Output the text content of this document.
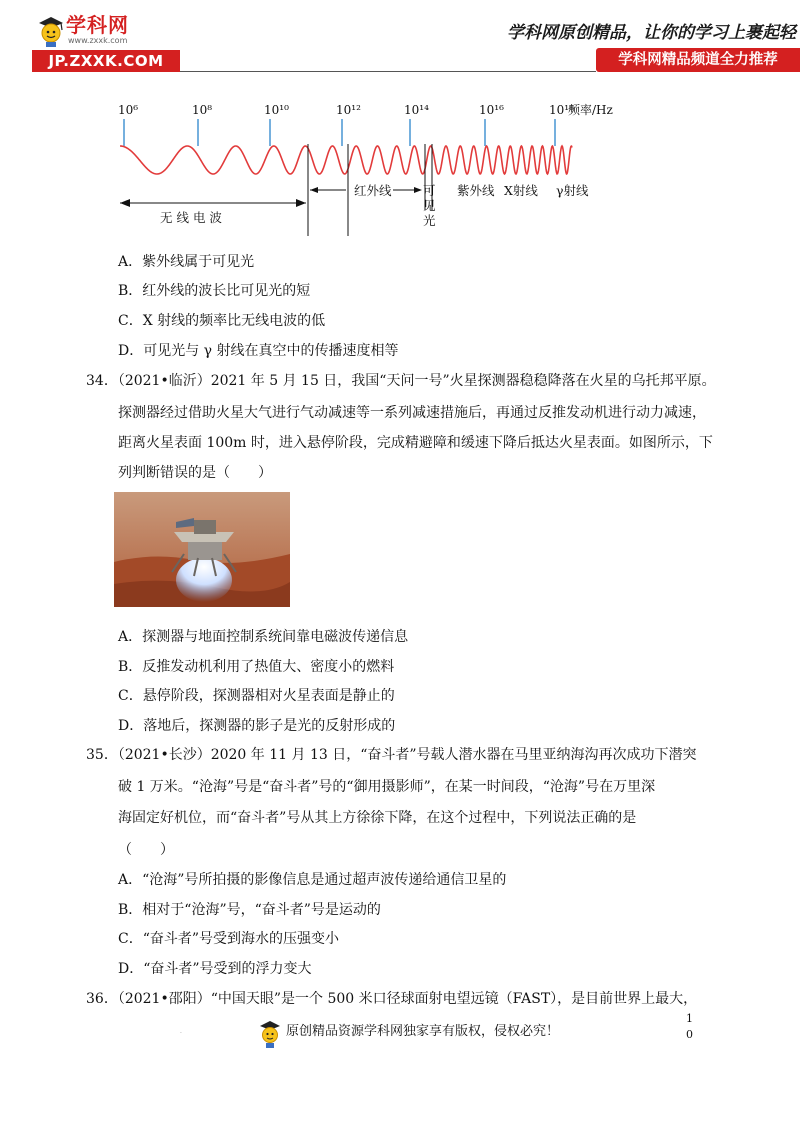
学科网
www.zxxk.com
JP.ZXXK.COM
学科网原创精品，让你的学习上裹起轻
学科网精品频道全力推荐
10⁶	10⁸	10¹⁰	10¹²	10¹⁴	10¹⁶	10¹⁸
频率/Hz
无 线 电 波
红外线	可
见
光
紫外线 X射线 γ射线
A．紫外线属于可见光
B．红外线的波长比可见光的短
C．X 射线的频率比无线电波的低
D．可见光与 γ 射线在真空中的传播速度相等
34．（2021•临沂）2021 年 5 月 15 日，我国“天问一号”火星探测器稳稳降落在火星的乌托邦平原。
探测器经过借助火星大气进行气动减速等一系列减速措施后，再通过反推发动机进行动力减速，
距离火星表面 100m 时，进入悬停阶段，完成精避障和缓速下降后抵达火星表面。如图所示，下
列判断错误的是（　　）
A．探测器与地面控制系统间靠电磁波传递信息
B．反推发动机利用了热值大、密度小的燃料
C．悬停阶段，探测器相对火星表面是静止的
D．落地后，探测器的影子是光的反射形成的
35．（2021•长沙）2020 年 11 月 13 日，“奋斗者”号载人潜水器在马里亚纳海沟再次成功下潜突
破 1 万米。“沧海”号是“奋斗者”号的“御用摄影师”，在某一时间段，“沧海”号在万里深
海固定好机位，而“奋斗者”号从其上方徐徐下降，在这个过程中，下列说法正确的是
（　　）
A．“沧海”号所拍摄的影像信息是通过超声波传递给通信卫星的
B．相对于“沧海”号，“奋斗者”号是运动的
C．“奋斗者”号受到海水的压强变小
D．“奋斗者”号受到的浮力变大
36．（2021•邵阳）“中国天眼”是一个 500 米口径球面射电望远镜（FAST），是目前世界上最大，
·	原创精品资源学科网独家享有版权，侵权必究！
1
0
